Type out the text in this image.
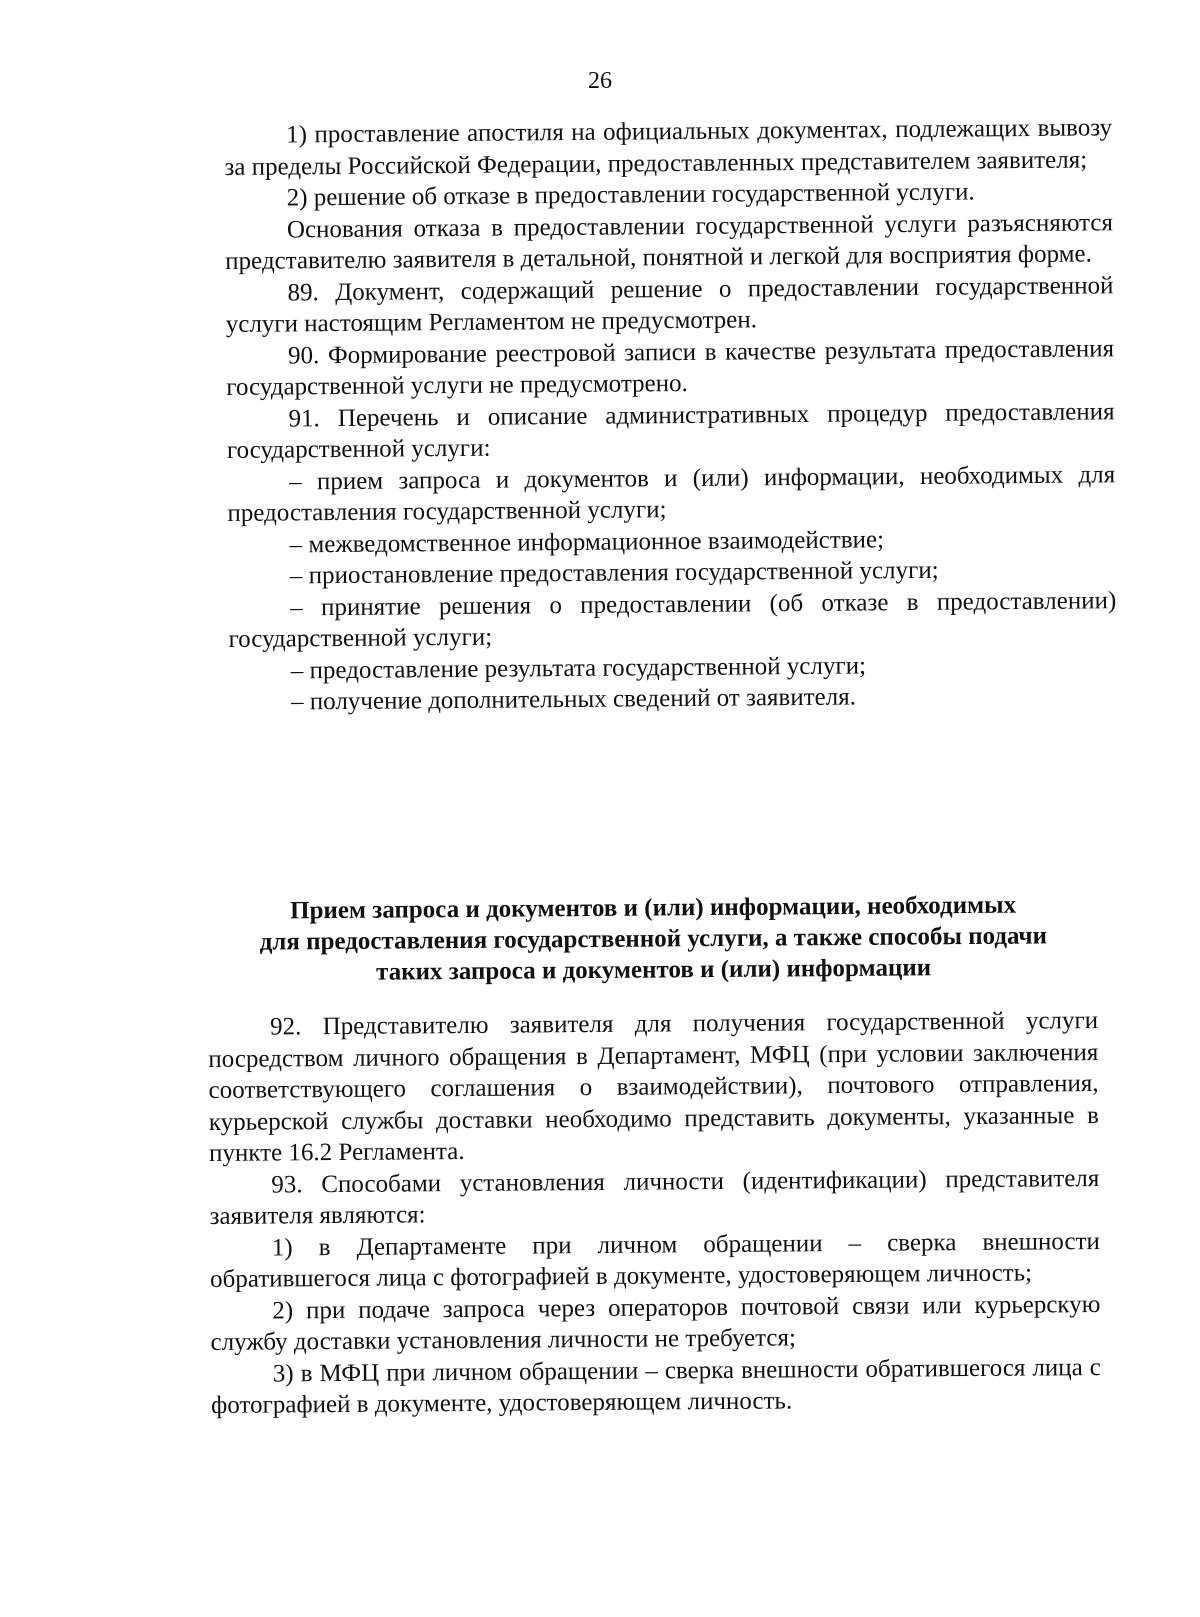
26

1) проставление апостиля на официальных документах, подлежащих вывозу за пределы Российской Федерации, предоставленных представителем заявителя;

2) решение об отказе в предоставлении государственной услуги.

Основания отказа в предоставлении государственной услуги разъясняются представителю заявителя в детальной, понятной и легкой для восприятия форме.

89. Документ, содержащий решение о предоставлении государственной услуги настоящим Регламентом не предусмотрен.

90. Формирование реестровой записи в качестве результата предоставления государственной услуги не предусмотрено.

91. Перечень и описание административных процедур предоставления государственной услуги:

– прием запроса и документов и (или) информации, необходимых для предоставления государственной услуги;

– межведомственное информационное взаимодействие;

– приостановление предоставления государственной услуги;

– принятие решения о предоставлении (об отказе в предоставлении) государственной услуги;

– предоставление результата государственной услуги;

– получение дополнительных сведений от заявителя.

Прием запроса и документов и (или) информации, необходимых
для предоставления государственной услуги, а также способы подачи
таких запроса и документов и (или) информации

92. Представителю заявителя для получения государственной услуги посредством личного обращения в Департамент, МФЦ (при условии заключения соответствующего соглашения о взаимодействии), почтового отправления, курьерской службы доставки необходимо представить документы, указанные в пункте 16.2 Регламента.

93. Способами установления личности (идентификации) представителя заявителя являются:

1) в Департаменте при личном обращении – сверка внешности обратившегося лица с фотографией в документе, удостоверяющем личность;

2) при подаче запроса через операторов почтовой связи или курьерскую службу доставки установления личности не требуется;

3) в МФЦ при личном обращении – сверка внешности обратившегося лица с фотографией в документе, удостоверяющем личность.
